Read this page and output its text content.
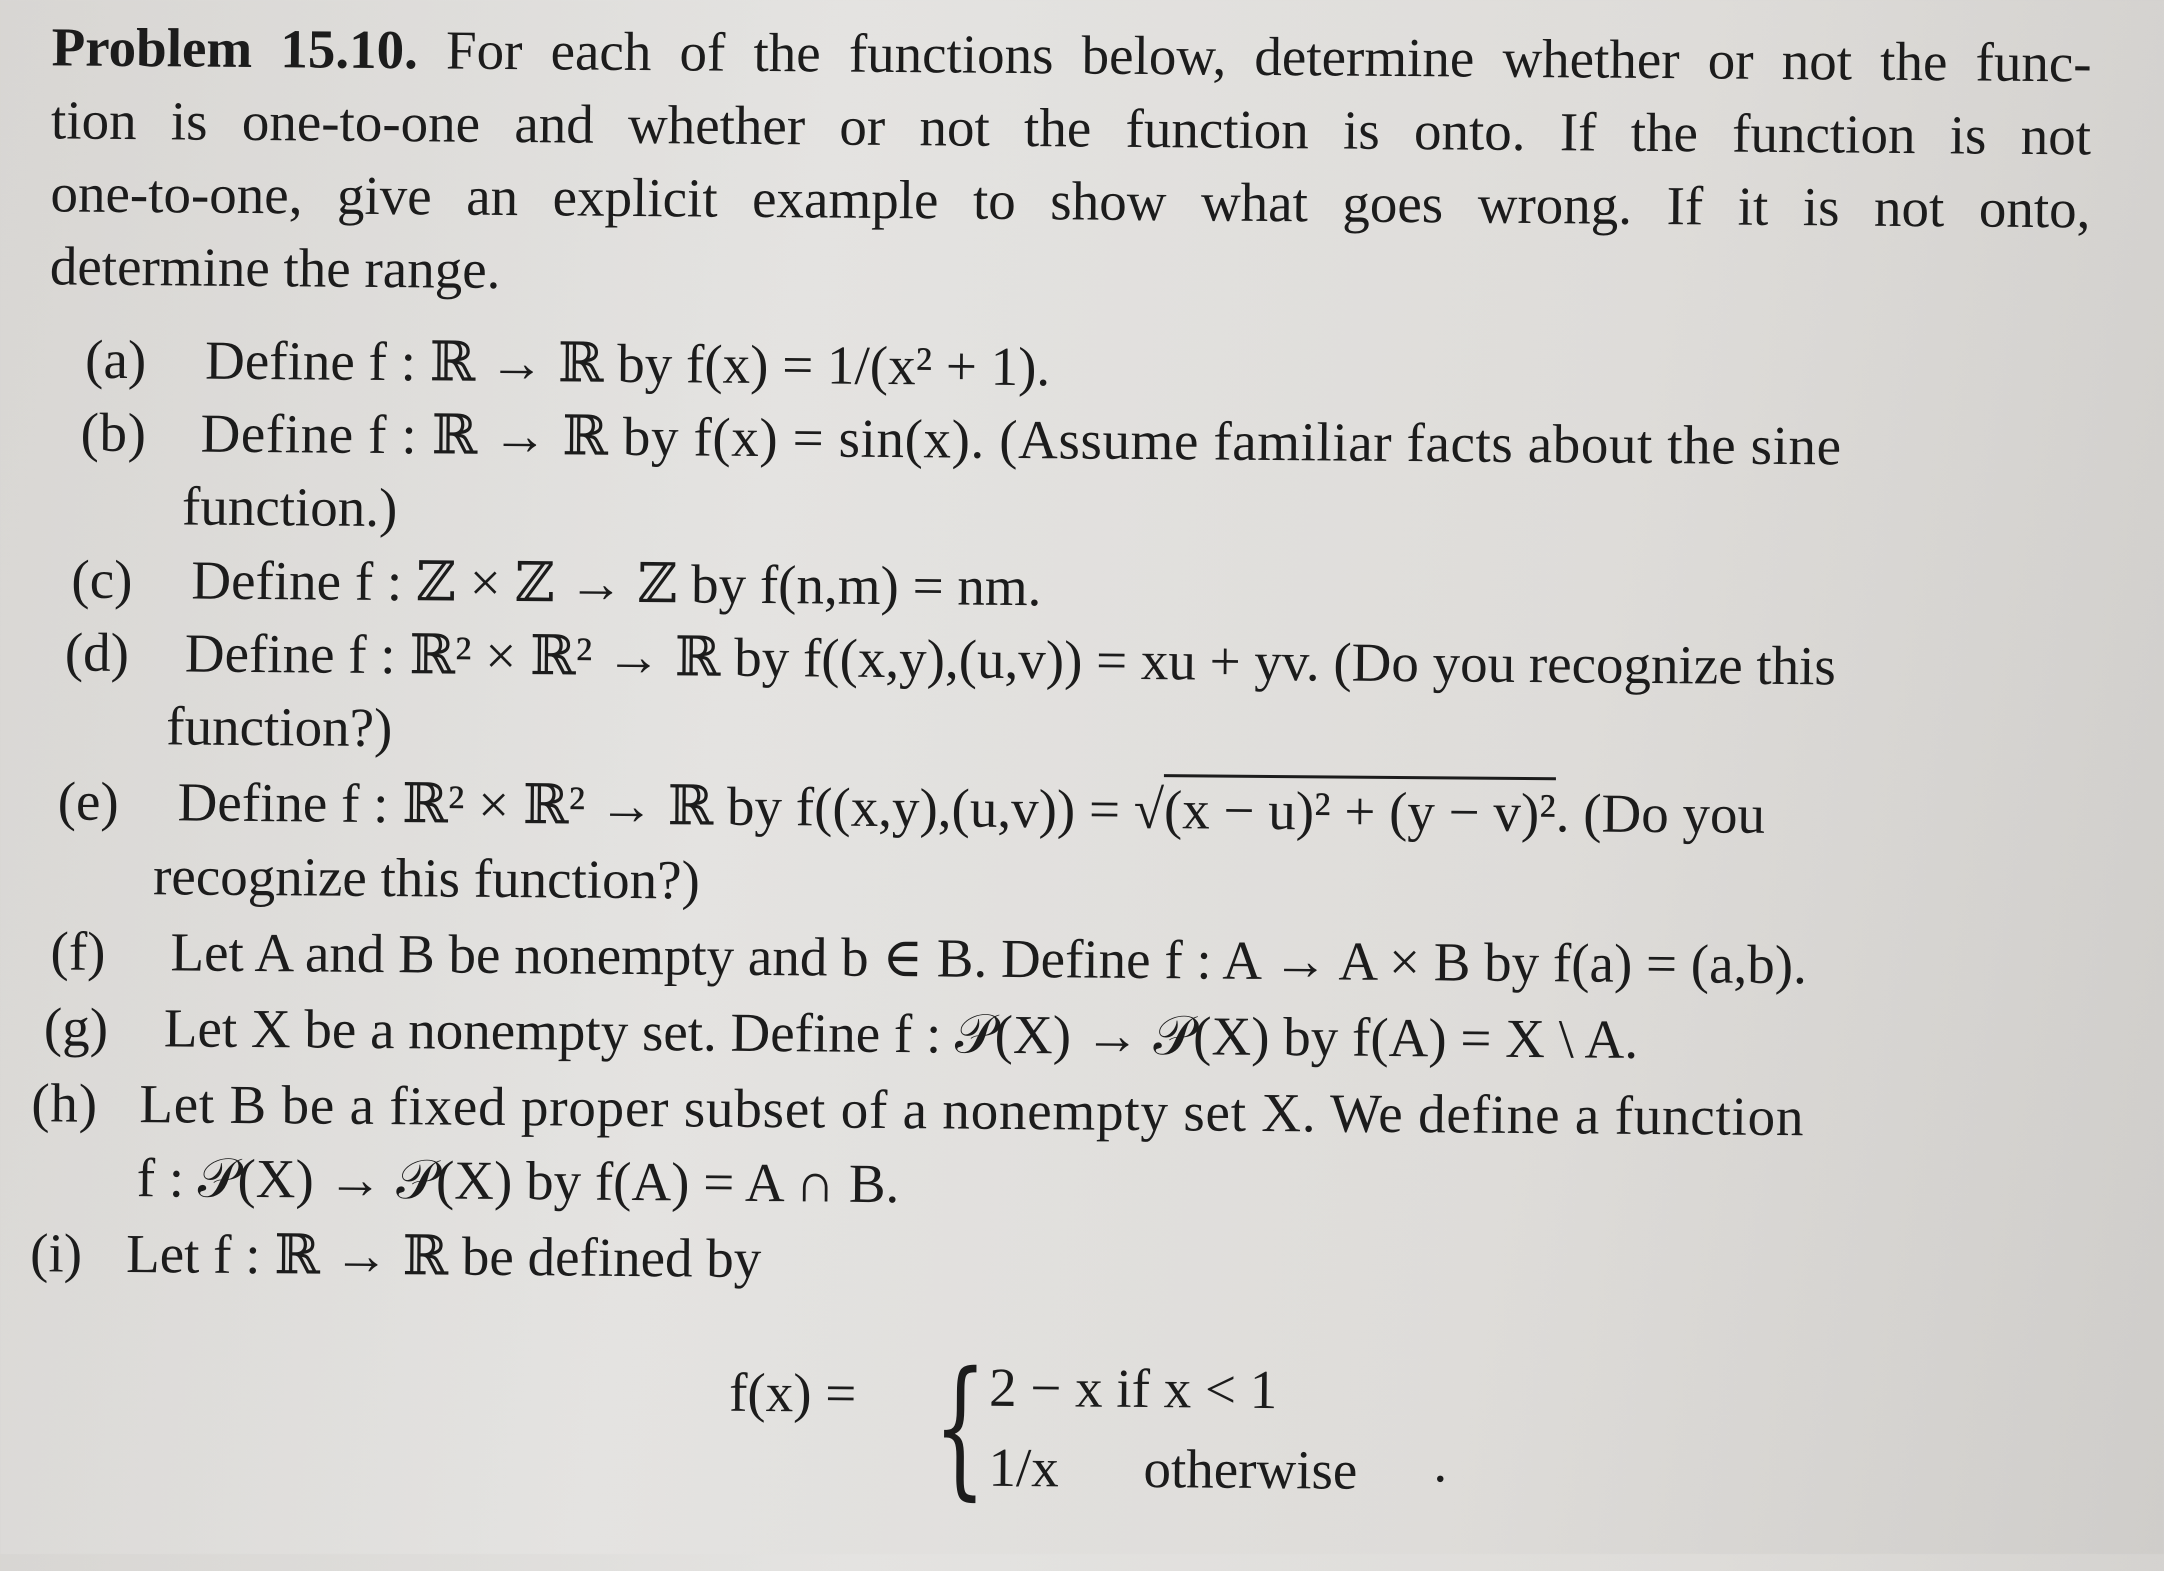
Problem 15.10. For each of the functions below, determine whether or not the func-
tion is one-to-one and whether or not the function is onto. If the function is not
one-to-one, give an explicit example to show what goes wrong. If it is not onto,
determine the range.
(a) Define f : ℝ → ℝ by f(x) = 1/(x² + 1).
(b) Define f : ℝ → ℝ by f(x) = sin(x). (Assume familiar facts about the sine
function.)
(c) Define f : ℤ × ℤ → ℤ by f(n,m) = nm.
(d) Define f : ℝ² × ℝ² → ℝ by f((x,y),(u,v)) = xu + yv. (Do you recognize this
function?)
(e) Define f : ℝ² × ℝ² → ℝ by f((x,y),(u,v)) = √(x − u)² + (y − v)². (Do you
recognize this function?)
(f) Let A and B be nonempty and b ∈ B. Define f : A → A × B by f(a) = (a,b).
(g) Let X be a nonempty set. Define f : 𝒫(X) → 𝒫(X) by f(A) = X \ A.
(h) Let B be a fixed proper subset of a nonempty set X. We define a function
f : 𝒫(X) → 𝒫(X) by f(A) = A ∩ B.
(i) Let f : ℝ → ℝ be defined by
f(x) = { 2 − x if x < 1
1/x otherwise .
